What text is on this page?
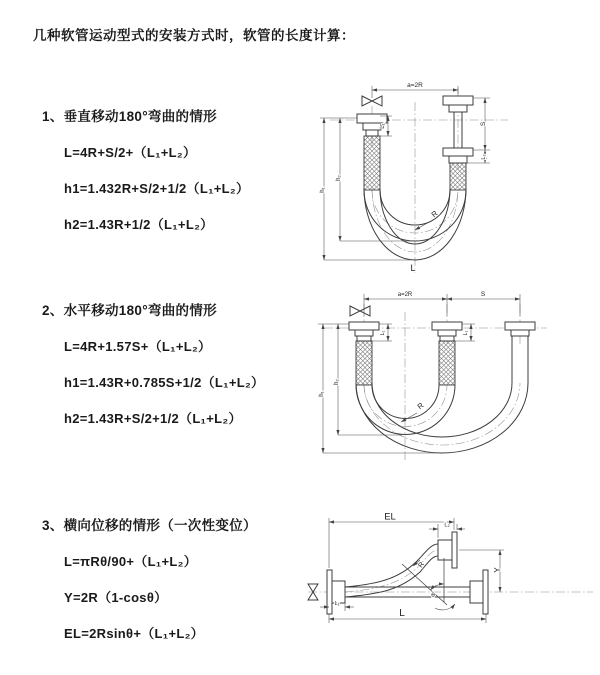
几种软管运动型式的安装方式时，软管的长度计算：
1、垂直移动180°弯曲的情形
L=4R+S/2+（L₁+L₂）
h1=1.432R+S/2+1/2（L₁+L₂）
h2=1.43R+1/2（L₁+L₂）
a=2R
L₁	S
L₂
h₂
h₁
R
L
2、水平移动180°弯曲的情形
L=4R+1.57S+（L₁+L₂）
h1=1.43R+0.785S+1/2（L₁+L₂）
h2=1.43R+S/2+1/2（L₁+L₂）
a=2R	S
L₁	L₁
h₂
h₁
R
3、横向位移的情形（一次性变位）
L=πRθ/90+（L₁+L₂）
Y=2R（1-cosθ）
EL=2Rsinθ+（L₁+L₂）
θ
EL
L₂
Y
L
L₁
R
